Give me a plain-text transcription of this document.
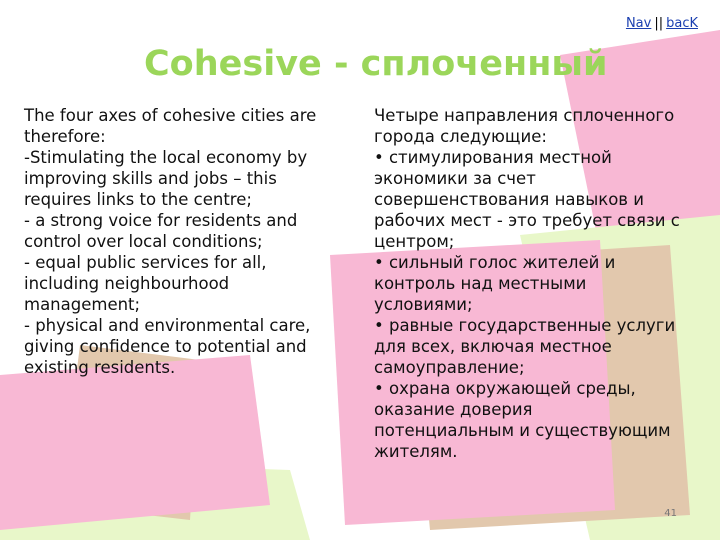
Nav || bacK
Cohesive - сплоченный
The four axes of cohesive cities are
therefore:
-Stimulating the local economy by
improving skills and jobs – this
requires links to the centre;
- a strong voice for residents and
control over local conditions;
- equal public services for all,
including neighbourhood
management;
- physical and environmental care,
giving confidence to potential and
existing residents.
Четыре направления сплоченного
города следующие:
• стимулирования местной
экономики за счет
совершенствования навыков и
рабочих мест - это требует связи с
центром;
• сильный голос жителей и
контроль над местными
условиями;
• равные государственные услуги
для всех, включая местное
самоуправление;
• охрана окружающей среды,
оказание доверия
потенциальным и существующим
жителям.
41
